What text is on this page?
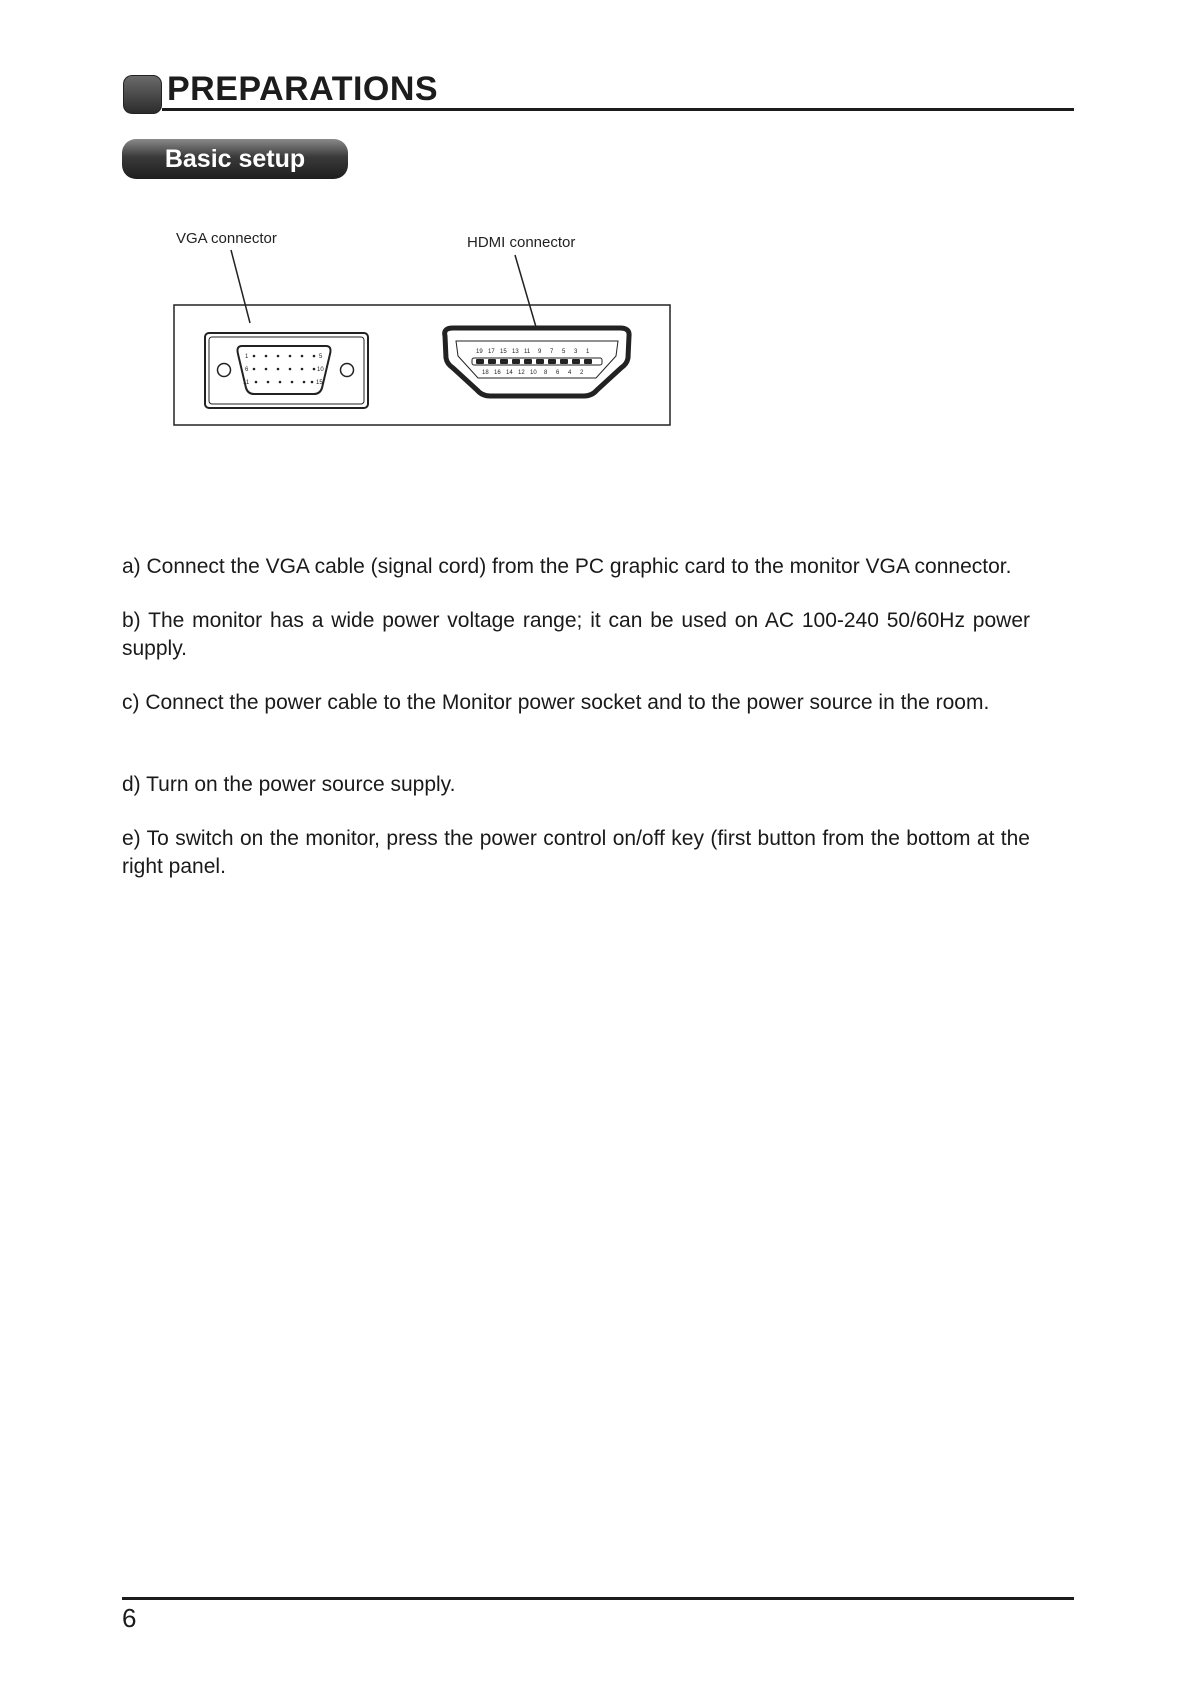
PREPARATIONS
Basic setup
VGA connector	HDMI connector
1	5
6	10
11	15
19 17 15 13 11 9 7 5 3 1
18 16 14 12 10 8 6 4 2
a) Connect the VGA cable (signal cord) from the PC graphic card to the monitor VGA connector.
b) The monitor has a wide power voltage range; it can be used on AC 100-240 50/60Hz power supply.
c) Connect the power cable to the Monitor power socket and to the power source in the room.
d) Turn on the power source supply.
e) To switch on the monitor, press the power control on/off key (first button from the bottom at the right panel.
6
